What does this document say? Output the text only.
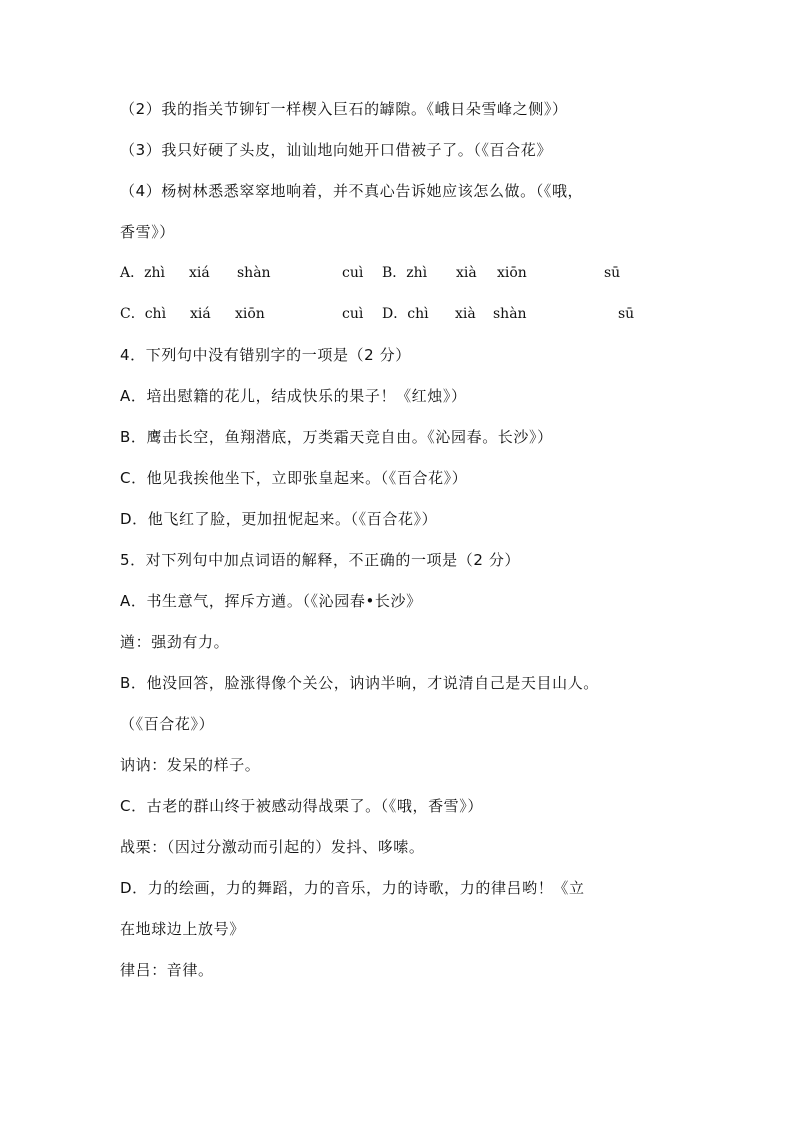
（2）我的指关节铆钉一样楔入巨石的罅隙。《峨日朵雪峰之侧》）
（3）我只好硬了头皮，讪讪地向她开口借被子了。（《百合花》
（4）杨树林悉悉窣窣地响着，并不真心告诉她应该怎么做。（《哦，
香雪》）
A．zhì xiá shàn	cuì B．zhì xià xiōn	sū
C．chì xiá xiōn	cuì D．chì xià shàn	sū
4．下列句中没有错别字的一项是（2 分）
A．培出慰籍的花儿，结成快乐的果子！《红烛》）
B．鹰击长空，鱼翔潜底，万类霜天竞自由。《沁园春。长沙》）
C．他见我挨他坐下，立即张皇起来。（《百合花》）
D．他飞红了脸，更加扭怩起来。（《百合花》）
5．对下列句中加点词语的解释，不正确的一项是（2 分）
A．书生意气，挥斥方遒。（《沁园春•长沙》
遒：强劲有力。
B．他没回答，脸涨得像个关公，讷讷半晌，才说清自己是天目山人。
（《百合花》）
讷讷：发呆的样子。
C．古老的群山终于被感动得战栗了。（《哦，香雪》）
战栗：（因过分激动而引起的）发抖、哆嗦。
D．力的绘画，力的舞蹈，力的音乐，力的诗歌，力的律吕哟！《立
在地球边上放号》
律吕：音律。
